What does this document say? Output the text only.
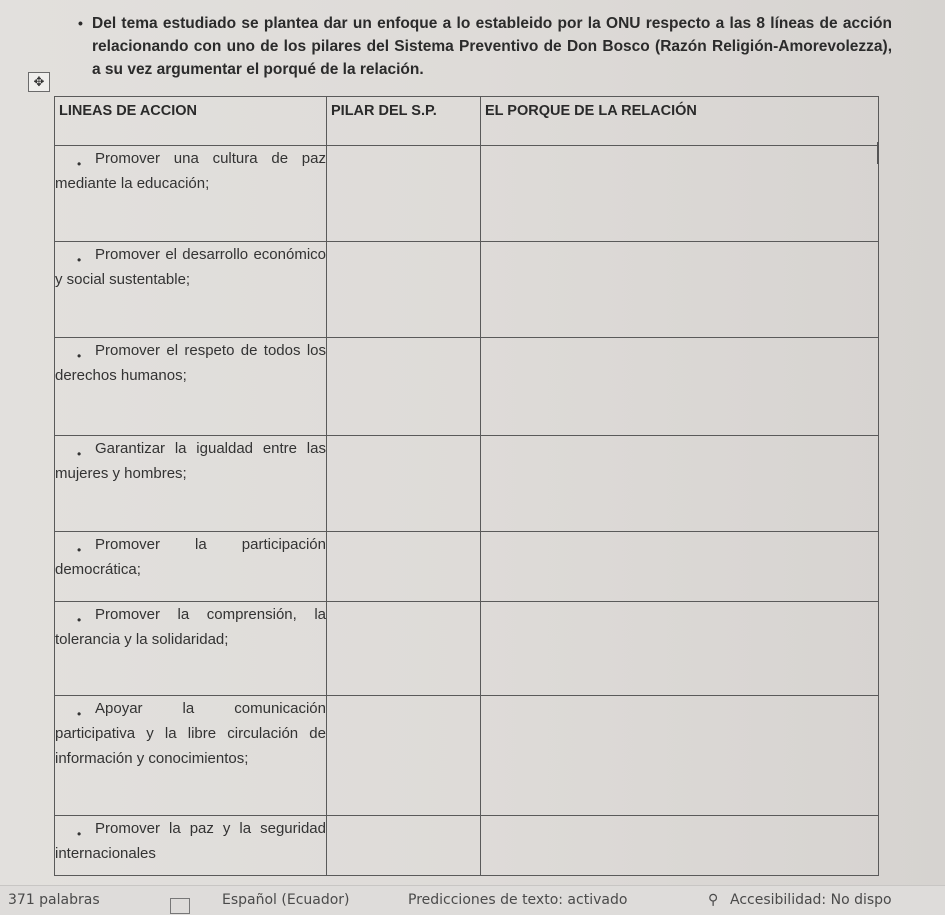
• Del tema estudiado se plantea dar un enfoque a lo estableido por la ONU respecto a las 8 líneas de acción relacionando con uno de los pilares del Sistema Preventivo de Don Bosco (Razón Religión-Amorevolezza), a su vez argumentar el porqué de la relación.

✥
LINEAS DE ACCION	PILAR DEL S.P.	EL PORQUE DE LA RELACIÓN

• Promover una cultura de paz mediante la educación;		

• Promover el desarrollo económico y social sustentable;		

• Promover el respeto de todos los derechos humanos;		

• Garantizar la igualdad entre las mujeres y hombres;		

• Promover la participación democrática;		

• Promover la comprensión, la tolerancia y la solidaridad;		

• Apoyar la comunicación participativa y la libre circulación de información y conocimientos;		

• Promover la paz y la seguridad internacionales		

371 palabras	Español (Ecuador)	Predicciones de texto: activado	⚲ Accesibilidad: No dispo
